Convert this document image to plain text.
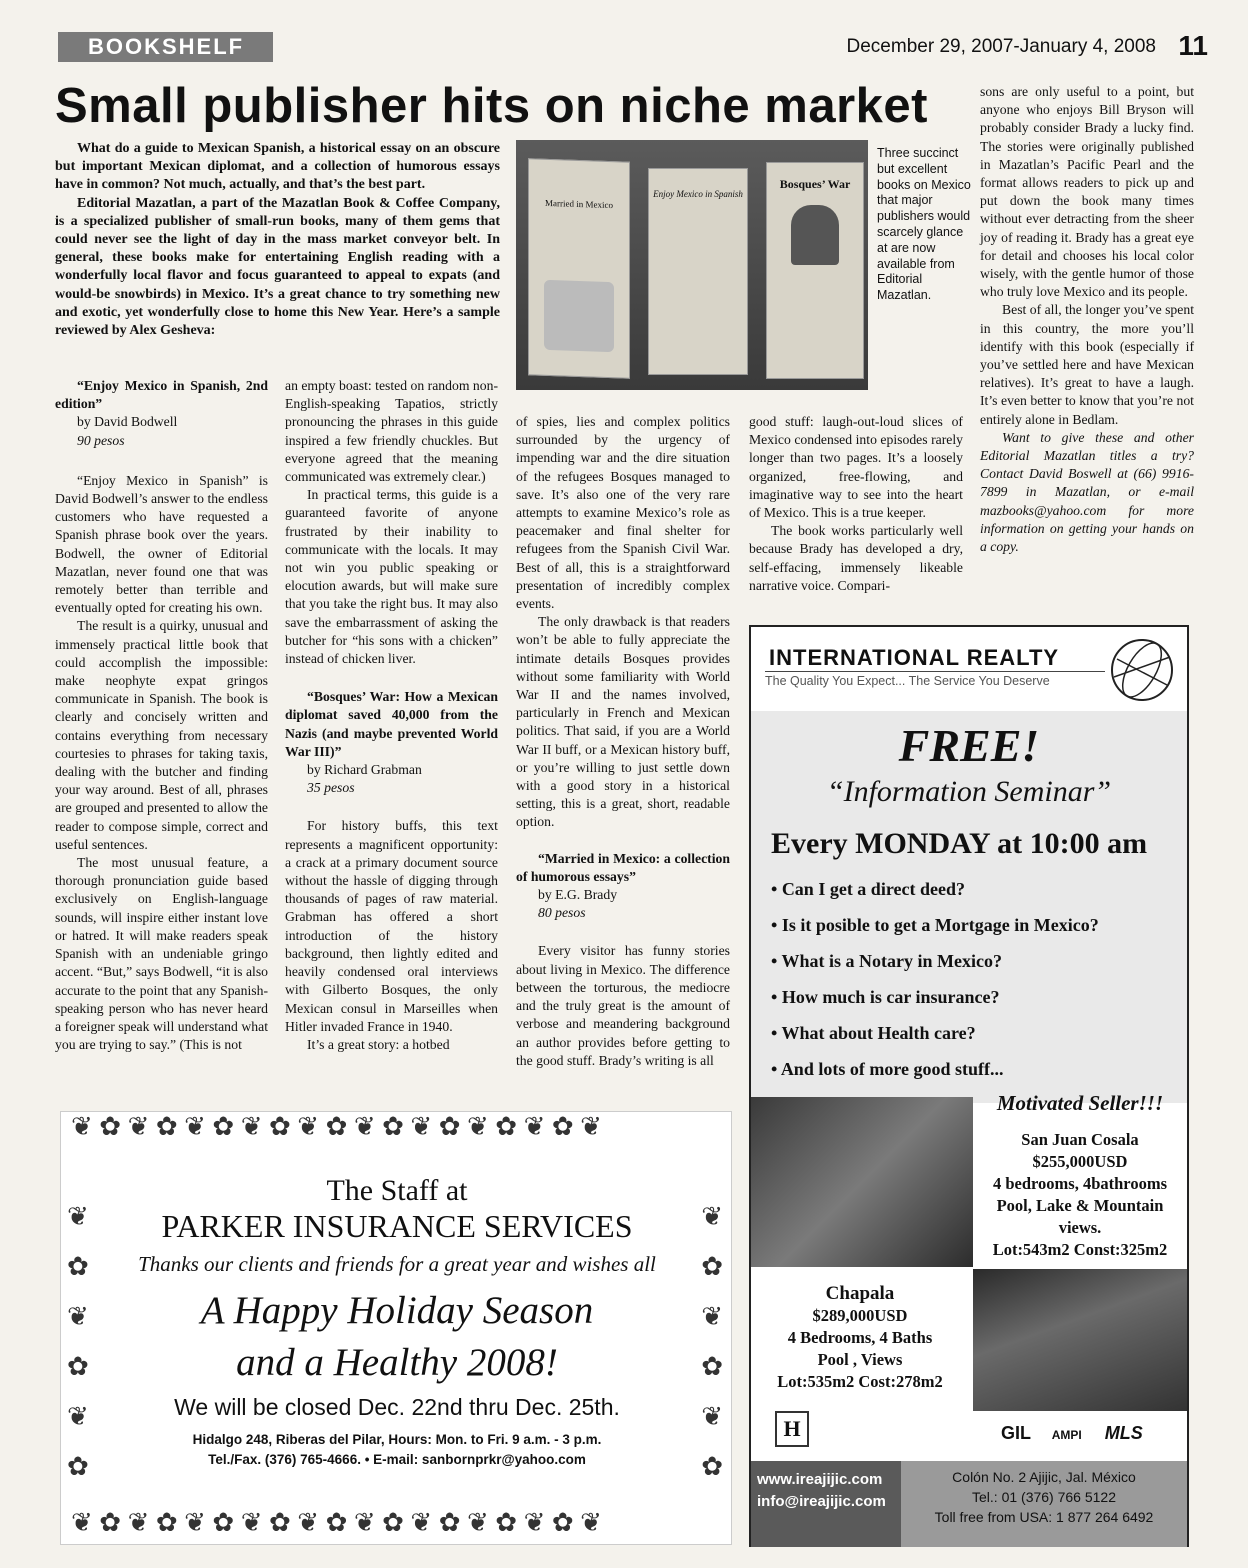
BOOKSHELF	December 29, 2007-January 4, 2008 11
Small publisher hits on niche market

What do a guide to Mexican Spanish, a historical essay on an obscure but important Mexican diplomat, and a collection of humorous essays have in common? Not much, actually, and that’s the best part.

Editorial Mazatlan, a part of the Mazatlan Book & Coffee Company, is a specialized publisher of small-run books, many of them gems that could never see the light of day in the mass market conveyor belt. In general, these books make for entertaining English reading with a wonderfully local flavor and focus guaranteed to appeal to expats (and would-be snowbirds) in Mexico. It’s a great chance to try something new and exotic, yet wonderfully close to home this New Year. Here’s a sample reviewed by Alex Gesheva:

Married in Mexico
Enjoy Mexico in Spanish
Bosques’ War
Three succinct but excellent books on Mexico that major publishers would scarcely glance at are now available from Editorial Mazatlan.

“Enjoy Mexico in Spanish, 2nd edition”

by David Bodwell

90 pesos

“Enjoy Mexico in Spanish” is David Bodwell’s answer to the endless customers who have requested a Spanish phrase book over the years. Bodwell, the owner of Editorial Mazatlan, never found one that was remotely better than terrible and eventually opted for creating his own.

The result is a quirky, unusual and immensely practical little book that could accomplish the impossible: make neophyte expat gringos communicate in Spanish. The book is clearly and concisely written and contains everything from necessary courtesies to phrases for taking taxis, dealing with the butcher and finding your way around. Best of all, phrases are grouped and presented to allow the reader to compose simple, correct and useful sentences.

The most unusual feature, a thorough pronunciation guide based exclusively on English-language sounds, will inspire either instant love or hatred. It will make readers speak Spanish with an undeniable gringo accent. “But,” says Bodwell, “it is also accurate to the point that any Spanish-speaking person who has never heard a foreigner speak will understand what you are trying to say.” (This is not

an empty boast: tested on random non-English-speaking Tapatios, strictly pronouncing the phrases in this guide inspired a few friendly chuckles. But everyone agreed that the meaning communicated was extremely clear.)

In practical terms, this guide is a guaranteed favorite of anyone frustrated by their inability to communicate with the locals. It may not win you public speaking or elocution awards, but will make sure that you take the right bus. It may also save the embarrassment of asking the butcher for “his sons with a chicken” instead of chicken liver.

“Bosques’ War: How a Mexican diplomat saved 40,000 from the Nazis (and maybe prevented World War III)”

by Richard Grabman

35 pesos

For history buffs, this text represents a magnificent opportunity: a crack at a primary document source without the hassle of digging through thousands of pages of raw material. Grabman has offered a short introduction of the history background, then lightly edited and heavily condensed oral interviews with Gilberto Bosques, the only Mexican consul in Marseilles when Hitler invaded France in 1940.

It’s a great story: a hotbed

of spies, lies and complex politics surrounded by the urgency of impending war and the dire situation of the refugees Bosques managed to save. It’s also one of the very rare attempts to examine Mexico’s role as peacemaker and final shelter for refugees from the Spanish Civil War. Best of all, this is a straightforward presentation of incredibly complex events.

The only drawback is that readers won’t be able to fully appreciate the intimate details Bosques provides without some familiarity with World War II and the names involved, particularly in French and Mexican politics. That said, if you are a World War II buff, or a Mexican history buff, or you’re willing to just settle down with a good story in a historical setting, this is a great, short, readable option.

“Married in Mexico: a collection of humorous essays”

by E.G. Brady

80 pesos

Every visitor has funny stories about living in Mexico. The difference between the torturous, the mediocre and the truly great is the amount of verbose and meandering background an author provides before getting to the good stuff. Brady’s writing is all

good stuff: laugh-out-loud slices of Mexico condensed into episodes rarely longer than two pages. It’s a loosely organized, free-flowing, and imaginative way to see into the heart of Mexico. This is a true keeper.

The book works particularly well because Brady has developed a dry, self-effacing, immensely likeable narrative voice. Compari-

sons are only useful to a point, but anyone who enjoys Bill Bryson will probably consider Brady a lucky find. The stories were originally published in Mazatlan’s Pacific Pearl and the format allows readers to pick up and put down the book many times without ever detracting from the sheer joy of reading it. Brady has a great eye for detail and chooses his local color wisely, with the gentle humor of those who truly love Mexico and its people.

Best of all, the longer you’ve spent in this country, the more you’ll identify with this book (especially if you’ve settled here and have Mexican relatives). It’s great to have a laugh. It’s even better to know that you’re not entirely alone in Bedlam.

Want to give these and other Editorial Mazatlan titles a try? Contact David Boswell at (66) 9916-7899 in Mazatlan, or e-mail mazbooks@yahoo.com for more information on getting your hands on a copy.

INTERNATIONAL REALTY
The Quality You Expect... The Service You Deserve
FREE!
“Information Seminar”
Every MONDAY at 10:00 am
• Can I get a direct deed?
• Is it posible to get a Mortgage in Mexico?
• What is a Notary in Mexico?
• How much is car insurance?
• What about Health care?
• And lots of more good stuff...
Motivated Seller!!!
San Juan Cosala
$255,000USD
4 bedrooms, 4bathrooms
Pool, Lake & Mountain
views.
Lot:543m2 Const:325m2
Chapala
$289,000USD
4 Bedrooms, 4 Baths
Pool , Views
Lot:535m2 Cost:278m2
H	GIL AMPI MLS
www.ireajijic.com
info@ireajijic.com
Colón No. 2 Ajijic, Jal. México
Tel.: 01 (376) 766 5122
Toll free from USA: 1 877 264 6492
❦ ✿ ❦ ✿ ❦ ✿ ❦ ✿ ❦ ✿ ❦ ✿ ❦ ✿ ❦ ✿ ❦ ✿ ❦
❦ ✿ ❦ ✿ ❦ ✿ ❦ ✿ ❦ ✿ ❦ ✿ ❦ ✿ ❦ ✿ ❦ ✿ ❦
❦
✿
❦
✿
❦
✿
❦
✿
❦
✿
❦
✿
The Staff at
PARKER INSURANCE SERVICES
Thanks our clients and friends for a great year and wishes all
A Happy Holiday Season
and a Healthy 2008!
We will be closed Dec. 22nd thru Dec. 25th.
Hidalgo 248, Riberas del Pilar, Hours: Mon. to Fri. 9 a.m. - 3 p.m.
Tel./Fax. (376) 765-4666. • E-mail: sanbornprkr@yahoo.com
